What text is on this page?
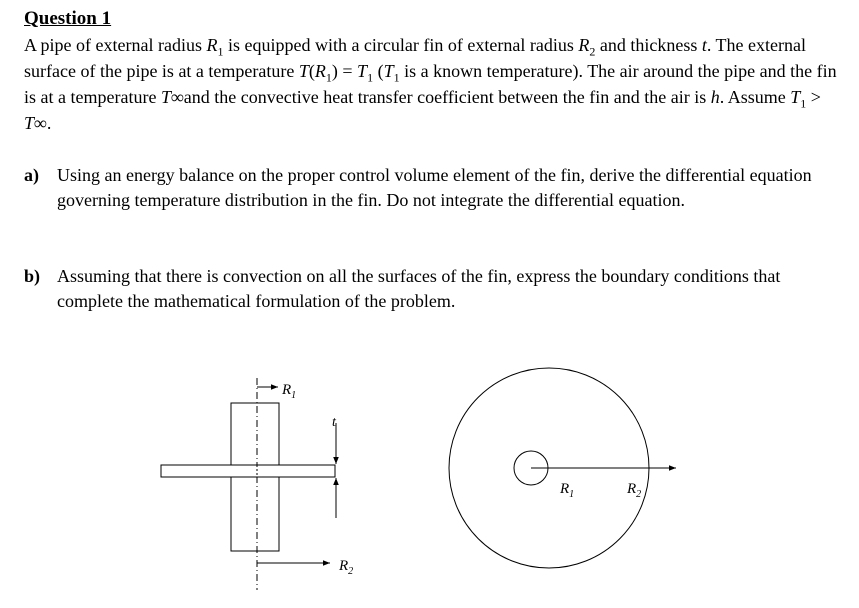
Question 1
A pipe of external radius $R_1$ is equipped with a circular fin of external radius $R_2$ and thickness t. The external surface of the pipe is at a temperature $T(R_1) = T_1$ ($T_1$ is a known temperature). The air around the pipe and the fin is at a temperature T∞and the convective heat transfer coefficient between the fin and the air is h. Assume $T_1 > T\infty$.
a) Using an energy balance on the proper control volume element of the fin, derive the differential equation governing temperature distribution in the fin. Do not integrate the differential equation.
b) Assuming that there is convection on all the surfaces of the fin, express the boundary conditions that complete the mathematical formulation of the problem.
$R_1$
t
$R_2$
$R_1$	$R_2$
